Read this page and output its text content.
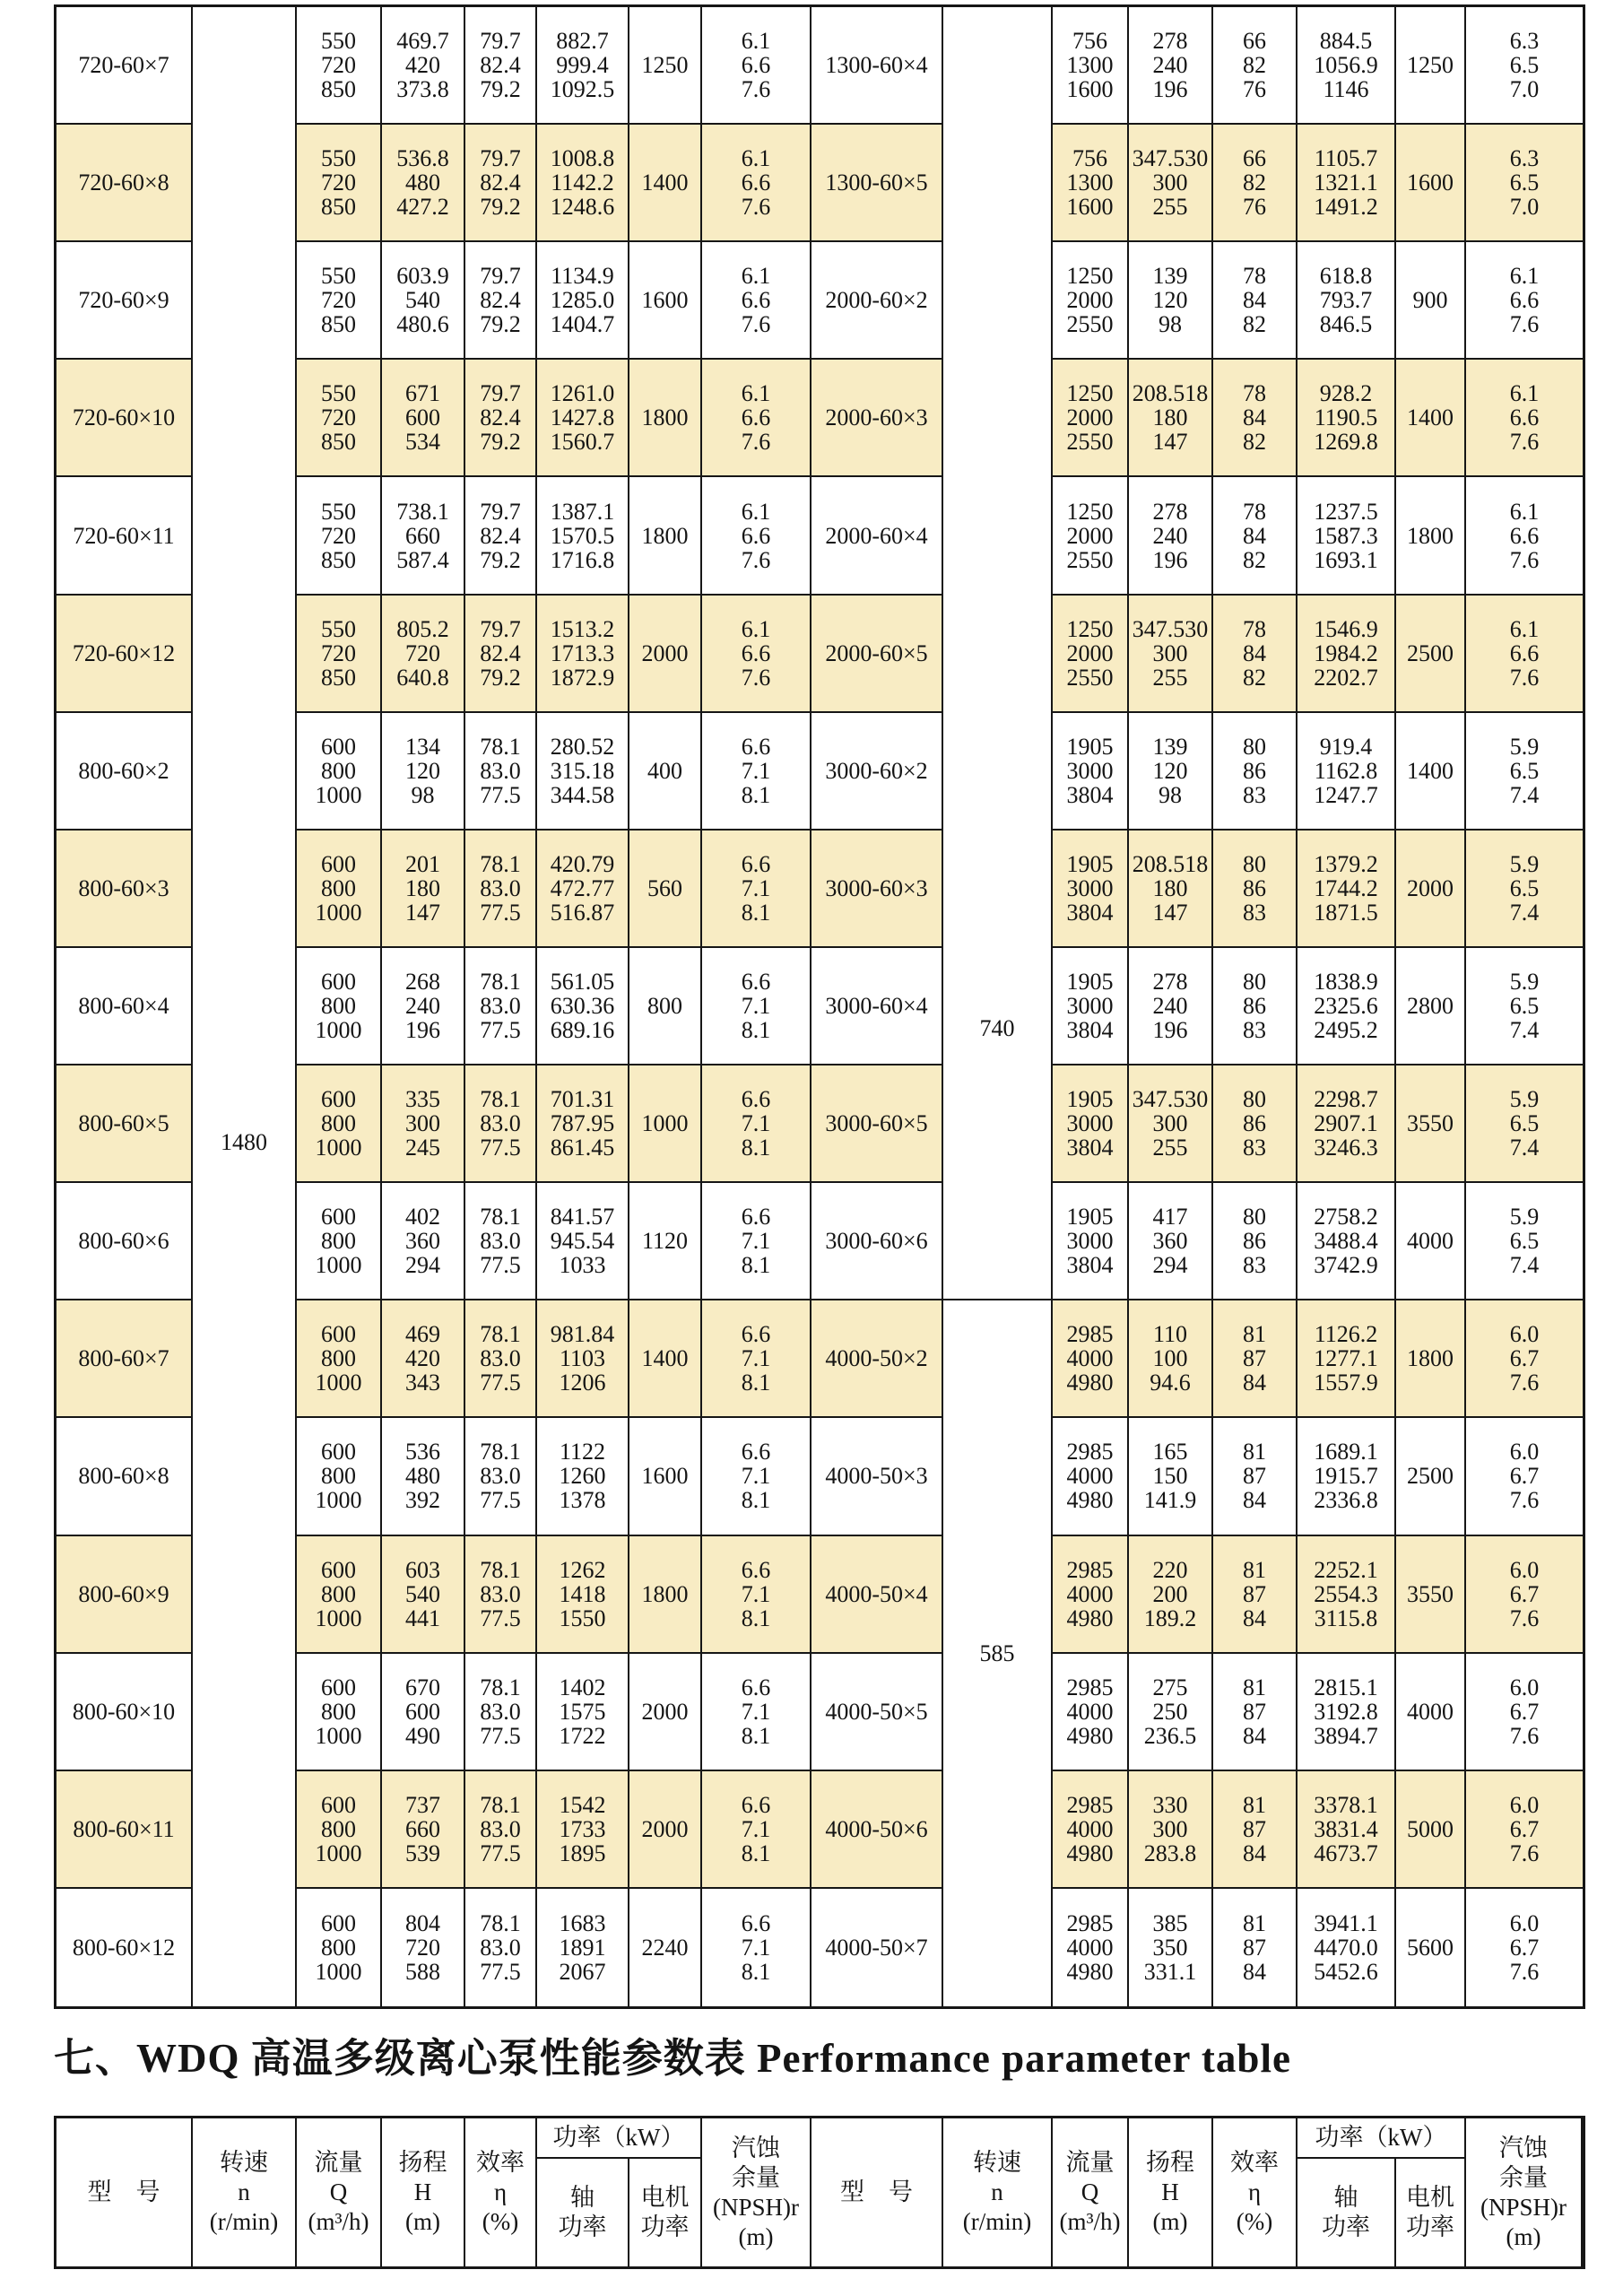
720-60×7
550
720
850
469.7
420
373.8
79.7
82.4
79.2
882.7
999.4
1092.5
1250
6.1
6.6
7.6
720-60×8
550
720
850
536.8
480
427.2
79.7
82.4
79.2
1008.8
1142.2
1248.6
1400
6.1
6.6
7.6
720-60×9
550
720
850
603.9
540
480.6
79.7
82.4
79.2
1134.9
1285.0
1404.7
1600
6.1
6.6
7.6
720-60×10
550
720
850
671
600
534
79.7
82.4
79.2
1261.0
1427.8
1560.7
1800
6.1
6.6
7.6
720-60×11
550
720
850
738.1
660
587.4
79.7
82.4
79.2
1387.1
1570.5
1716.8
1800
6.1
6.6
7.6
720-60×12
550
720
850
805.2
720
640.8
79.7
82.4
79.2
1513.2
1713.3
1872.9
2000
6.1
6.6
7.6
800-60×2
600
800
1000
134
120
98
78.1
83.0
77.5
280.52
315.18
344.58
400
6.6
7.1
8.1
800-60×3
600
800
1000
201
180
147
78.1
83.0
77.5
420.79
472.77
516.87
560
6.6
7.1
8.1
800-60×4
600
800
1000
268
240
196
78.1
83.0
77.5
561.05
630.36
689.16
800
6.6
7.1
8.1
800-60×5
600
800
1000
335
300
245
78.1
83.0
77.5
701.31
787.95
861.45
1000
6.6
7.1
8.1
800-60×6
600
800
1000
402
360
294
78.1
83.0
77.5
841.57
945.54
1033
1120
6.6
7.1
8.1
800-60×7
600
800
1000
469
420
343
78.1
83.0
77.5
981.84
1103
1206
1400
6.6
7.1
8.1
800-60×8
600
800
1000
536
480
392
78.1
83.0
77.5
1122
1260
1378
1600
6.6
7.1
8.1
800-60×9
600
800
1000
603
540
441
78.1
83.0
77.5
1262
1418
1550
1800
6.6
7.1
8.1
800-60×10
600
800
1000
670
600
490
78.1
83.0
77.5
1402
1575
1722
2000
6.6
7.1
8.1
800-60×11
600
800
1000
737
660
539
78.1
83.0
77.5
1542
1733
1895
2000
6.6
7.1
8.1
800-60×12
600
800
1000
804
720
588
78.1
83.0
77.5
1683
1891
2067
2240
6.6
7.1
8.1
1300-60×4
756
1300
1600
278
240
196
66
82
76
884.5
1056.9
1146
1250
6.3
6.5
7.0
1300-60×5
756
1300
1600
347.530
300
255
66
82
76
1105.7
1321.1
1491.2
1600
6.3
6.5
7.0
2000-60×2
1250
2000
2550
139
120
98
78
84
82
618.8
793.7
846.5
900
6.1
6.6
7.6
2000-60×3
1250
2000
2550
208.518
180
147
78
84
82
928.2
1190.5
1269.8
1400
6.1
6.6
7.6
2000-60×4
1250
2000
2550
278
240
196
78
84
82
1237.5
1587.3
1693.1
1800
6.1
6.6
7.6
2000-60×5
1250
2000
2550
347.530
300
255
78
84
82
1546.9
1984.2
2202.7
2500
6.1
6.6
7.6
3000-60×2
1905
3000
3804
139
120
98
80
86
83
919.4
1162.8
1247.7
1400
5.9
6.5
7.4
3000-60×3
1905
3000
3804
208.518
180
147
80
86
83
1379.2
1744.2
1871.5
2000
5.9
6.5
7.4
3000-60×4
1905
3000
3804
278
240
196
80
86
83
1838.9
2325.6
2495.2
2800
5.9
6.5
7.4
3000-60×5
1905
3000
3804
347.530
300
255
80
86
83
2298.7
2907.1
3246.3
3550
5.9
6.5
7.4
3000-60×6
1905
3000
3804
417
360
294
80
86
83
2758.2
3488.4
3742.9
4000
5.9
6.5
7.4
4000-50×2
2985
4000
4980
110
100
94.6
81
87
84
1126.2
1277.1
1557.9
1800
6.0
6.7
7.6
4000-50×3
2985
4000
4980
165
150
141.9
81
87
84
1689.1
1915.7
2336.8
2500
6.0
6.7
7.6
4000-50×4
2985
4000
4980
220
200
189.2
81
87
84
2252.1
2554.3
3115.8
3550
6.0
6.7
7.6
4000-50×5
2985
4000
4980
275
250
236.5
81
87
84
2815.1
3192.8
3894.7
4000
6.0
6.7
7.6
4000-50×6
2985
4000
4980
330
300
283.8
81
87
84
3378.1
3831.4
4673.7
5000
6.0
6.7
7.6
4000-50×7
2985
4000
4980
385
350
331.1
81
87
84
3941.1
4470.0
5452.6
5600
6.0
6.7
7.6
1480
740
585
七、WDQ 高温多级离心泵性能参数表 Performance parameter table
型　号
转速
n
(r/min)
流量
Q
(m³/h)
扬程
H
(m)
效率
η
(%)
功率（kW）
轴
功率
电机
功率
汽蚀
余量
(NPSH)r
(m)
型　号
转速
n
(r/min)
流量
Q
(m³/h)
扬程
H
(m)
效率
η
(%)
功率（kW）
轴
功率
电机
功率
汽蚀
余量
(NPSH)r
(m)
